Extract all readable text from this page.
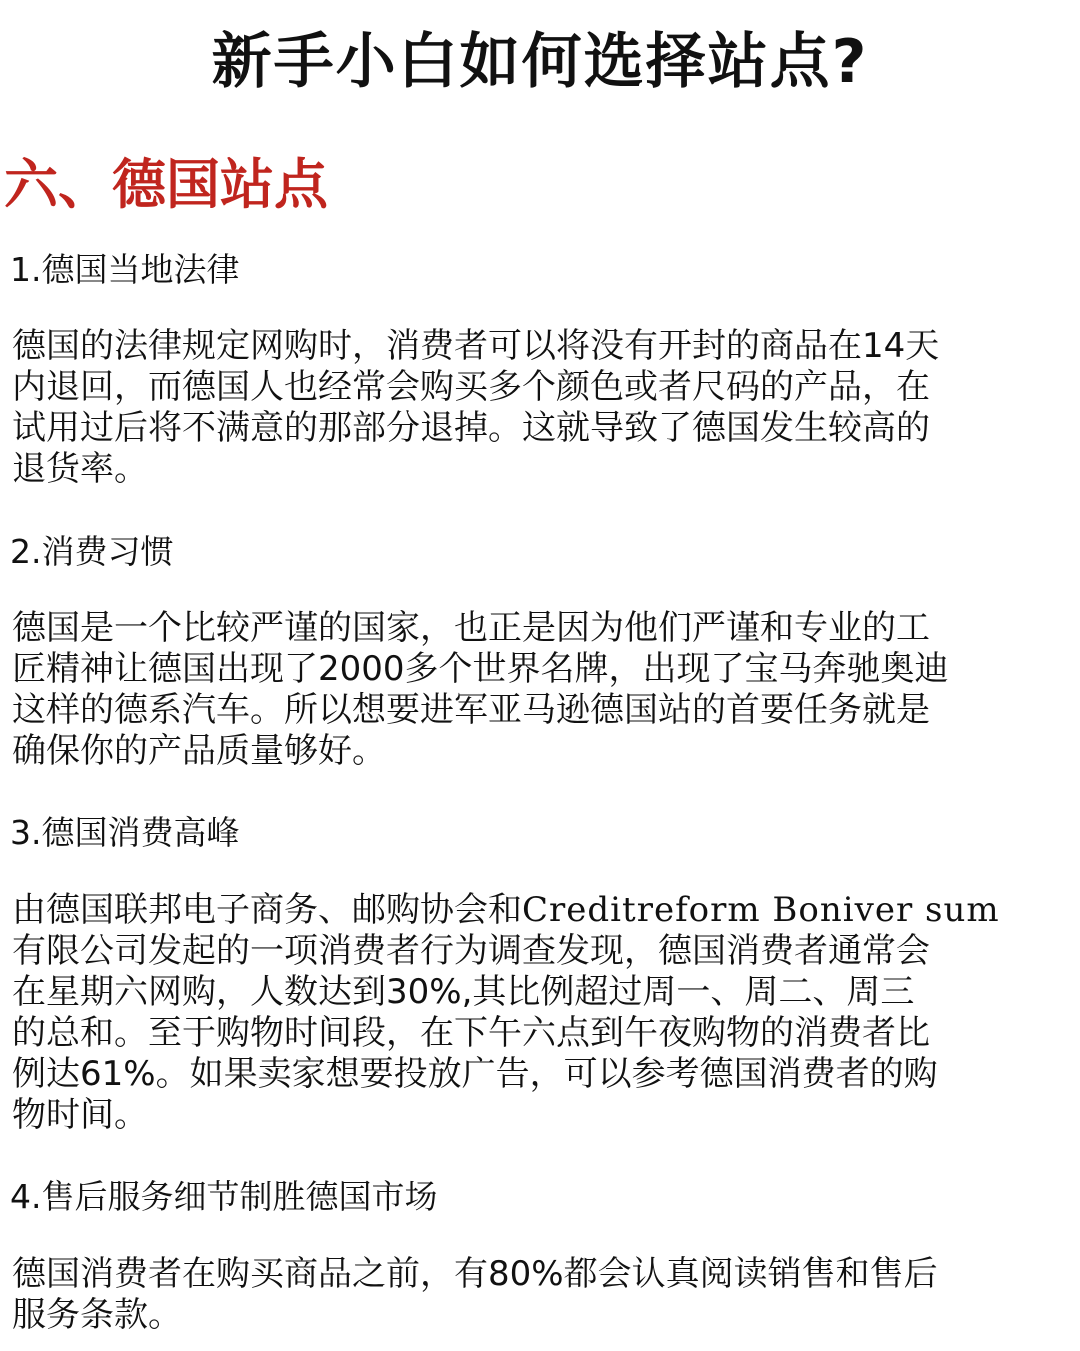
新手小白如何选择站点?
六、德国站点
1.德国当地法律
德国的法律规定网购时，消费者可以将没有开封的商品在14天
内退回，而德国人也经常会购买多个颜色或者尺码的产品，在
试用过后将不满意的那部分退掉。这就导致了德国发生较高的
退货率。
2.消费习惯
德国是一个比较严谨的国家，也正是因为他们严谨和专业的工
匠精神让德国出现了2000多个世界名牌，出现了宝马奔驰奥迪
这样的德系汽车。所以想要进军亚马逊德国站的首要任务就是
确保你的产品质量够好。
3.德国消费高峰
由德国联邦电子商务、邮购协会和Creditreform Boniver sum
有限公司发起的一项消费者行为调查发现，德国消费者通常会
在星期六网购，人数达到30%,其比例超过周一、周二、周三
的总和。至于购物时间段，在下午六点到午夜购物的消费者比
例达61%。如果卖家想要投放广告，可以参考德国消费者的购
物时间。
4.售后服务细节制胜德国市场
德国消费者在购买商品之前，有80%都会认真阅读销售和售后
服务条款。
